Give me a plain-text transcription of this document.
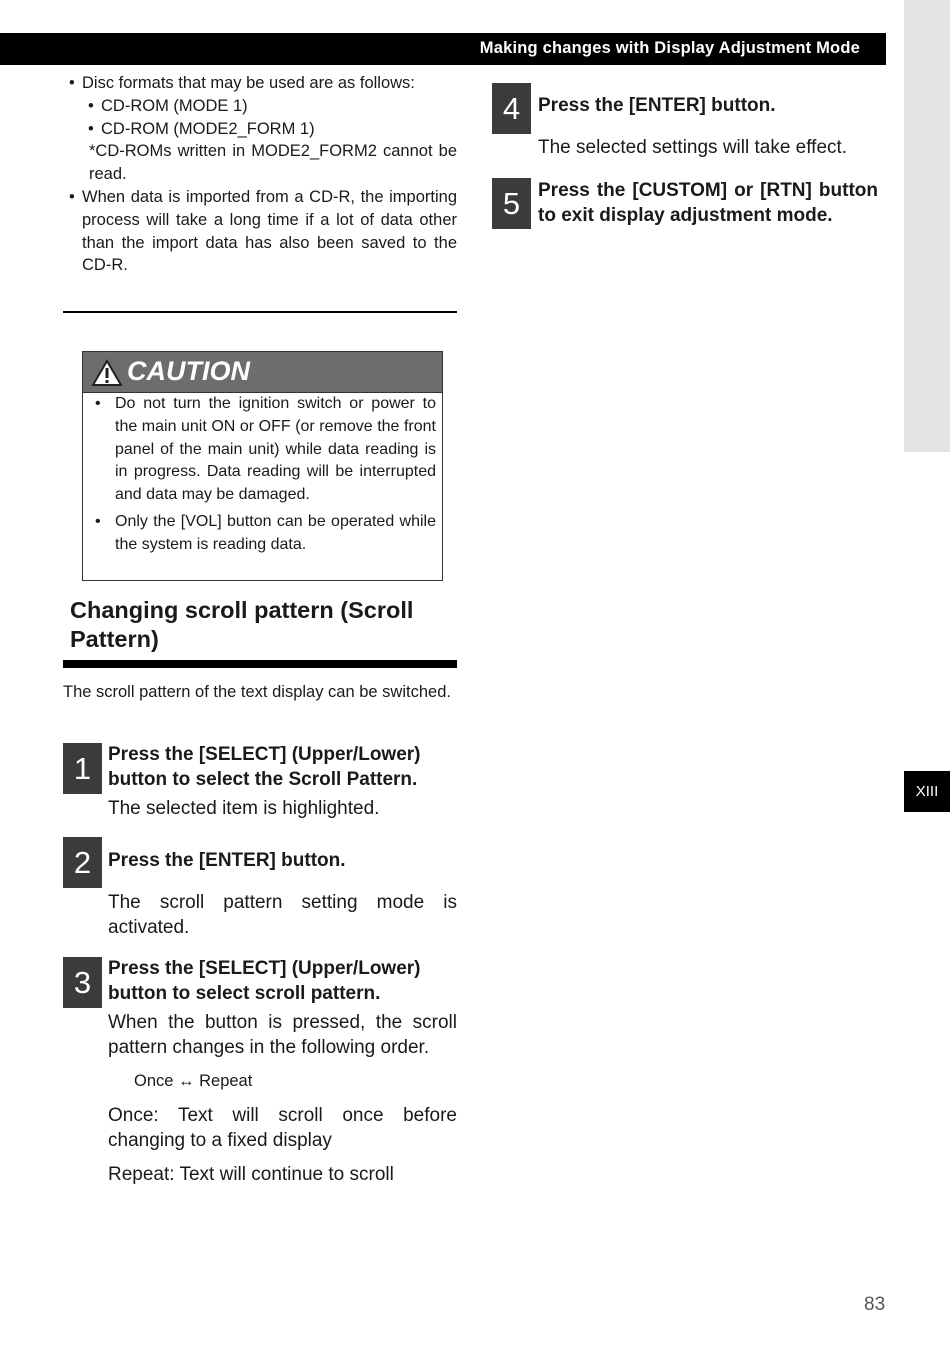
XIII
Making changes with Display Adjustment Mode
• Disc formats that may be used are as follows:
• CD-ROM (MODE 1)
• CD-ROM (MODE2_FORM 1)
*CD-ROMs written in MODE2_FORM2 cannot be read.
• When data is imported from a CD-R, the importing process will take a long time if a lot of data other than the import data has also been saved to the CD-R.
CAUTION
• Do not turn the ignition switch or power to the main unit ON or OFF (or remove the front panel of the main unit) while data reading is in progress. Data reading will be interrupted and data may be damaged.
• Only the [VOL] button can be operated while the system is reading data.
Changing scroll pattern (Scroll Pattern)
The scroll pattern of the text display can be switched.
1 Press the [SELECT] (Upper/Lower) button to select the Scroll Pattern.
The selected item is highlighted.
2 Press the [ENTER] button.
The scroll pattern setting mode is activated.
3 Press the [SELECT] (Upper/Lower) button to select scroll pattern.
When the button is pressed, the scroll pattern changes in the following order.
Once ↔ Repeat
Once: Text will scroll once before changing to a fixed display
Repeat: Text will continue to scroll
4 Press the [ENTER] button.
The selected settings will take effect.
5 Press the [CUSTOM] or [RTN] button to exit display adjustment mode.
83
